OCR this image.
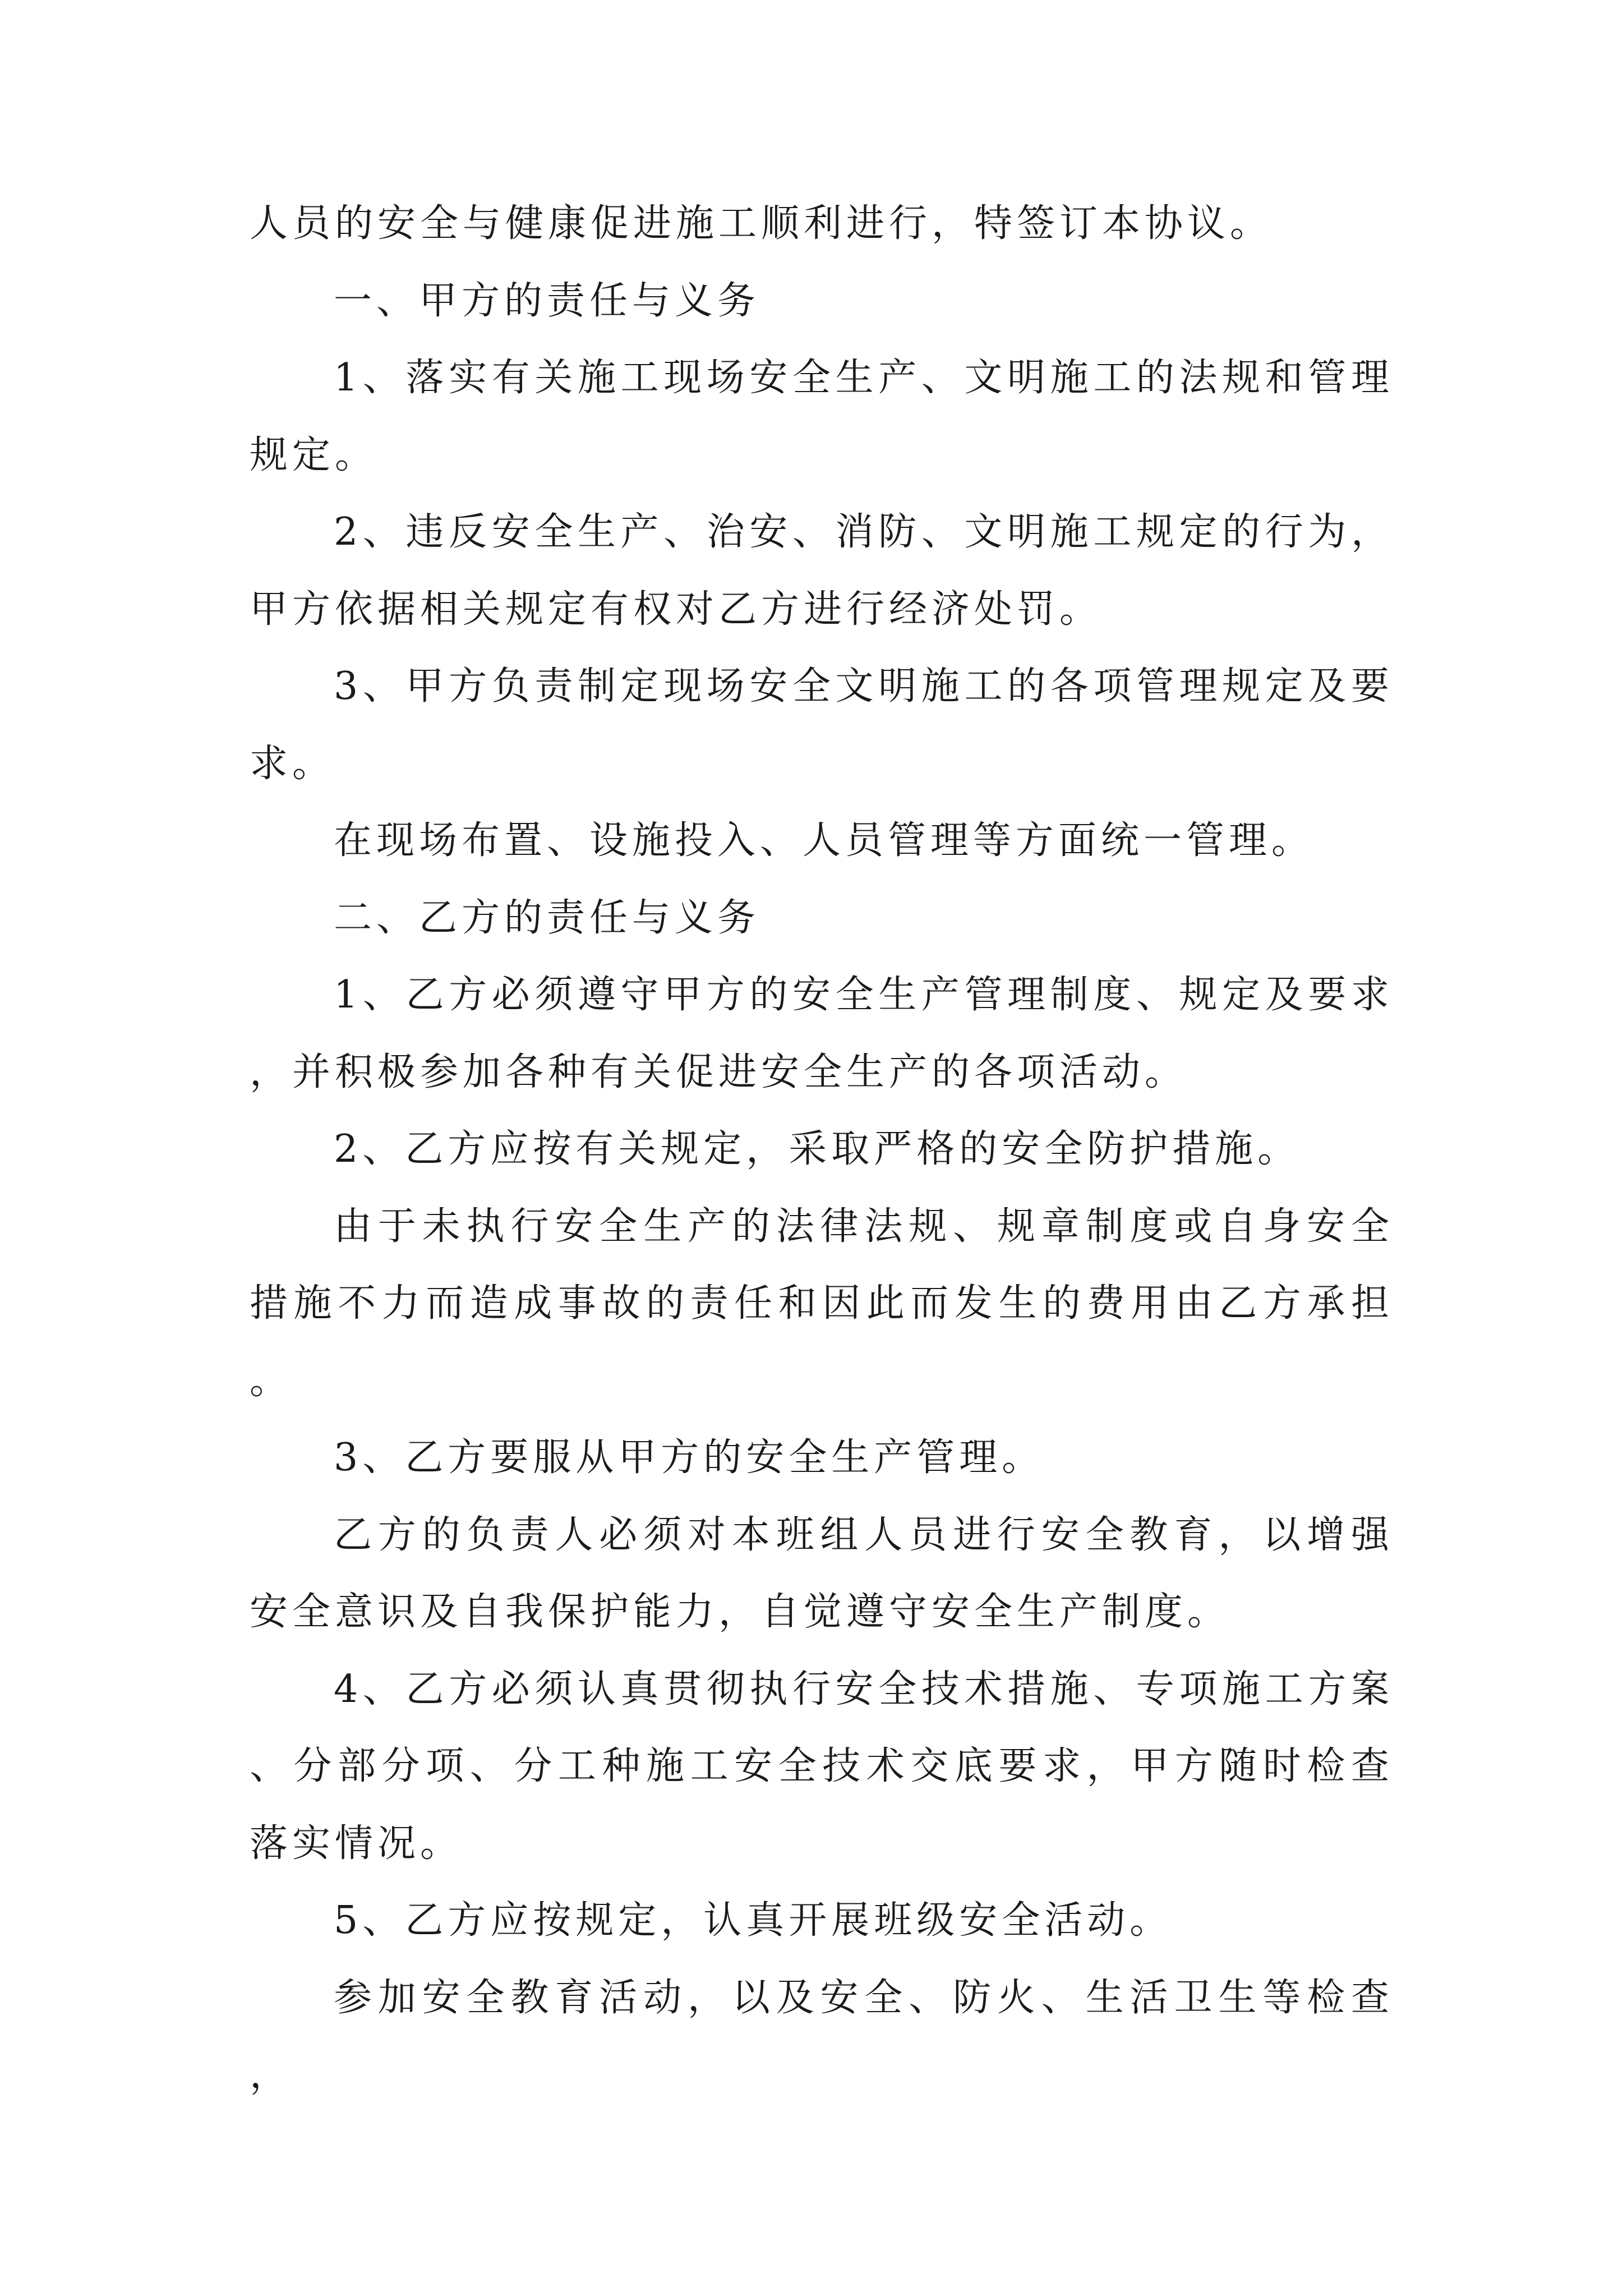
人员的安全与健康促进施工顺利进行，特签订本协议。

一、甲方的责任与义务

1、落实有关施工现场安全生产、文明施工的法规和管理规定。

2、违反安全生产、治安、消防、文明施工规定的行为，甲方依据相关规定有权对乙方进行经济处罚。

3、甲方负责制定现场安全文明施工的各项管理规定及要求。

在现场布置、设施投入、人员管理等方面统一管理。

二、乙方的责任与义务

1、乙方必须遵守甲方的安全生产管理制度、规定及要求，并积极参加各种有关促进安全生产的各项活动。

2、乙方应按有关规定，采取严格的安全防护措施。

由于未执行安全生产的法律法规、规章制度或自身安全措施不力而造成事故的责任和因此而发生的费用由乙方承担。

3、乙方要服从甲方的安全生产管理。

乙方的负责人必须对本班组人员进行安全教育，以增强安全意识及自我保护能力，自觉遵守安全生产制度。

4、乙方必须认真贯彻执行安全技术措施、专项施工方案、分部分项、分工种施工安全技术交底要求，甲方随时检查落实情况。

5、乙方应按规定，认真开展班级安全活动。

参加安全教育活动，以及安全、防火、生活卫生等检查，
